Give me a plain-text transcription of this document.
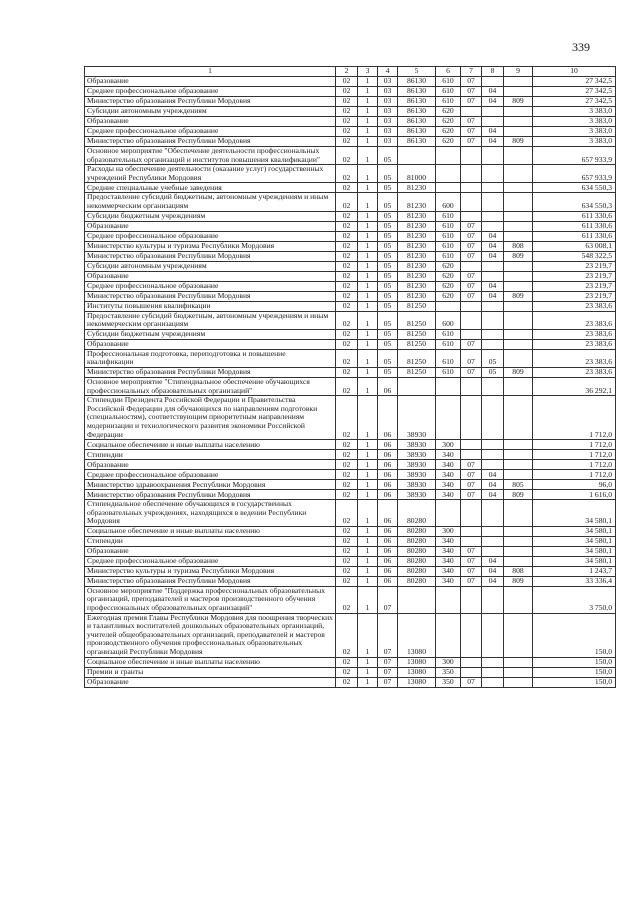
339
1	2	3	4	5	6	7	8	9	10
Образование	02	1	03	86130	610	07			27 342,5
Среднее профессиональное образование	02	1	03	86130	610	07	04		27 342,5
Министерство образования Республики Мордовия	02	1	03	86130	610	07	04	809	27 342,5
Субсидии автономным учреждениям	02	1	03	86130	620				3 383,0
Образование	02	1	03	86130	620	07			3 383,0
Среднее профессиональное образование	02	1	03	86130	620	07	04		3 383,0
Министерство образования Республики Мордовия	02	1	03	86130	620	07	04	809	3 383,0
Основное мероприятие "Обеспечение деятельности профессиональных образовательных организаций и институтов повышения квалификации"	02	1	05						657 933,9
Расходы на обеспечение деятельности (оказание услуг) государственных учреждений Республики Мордовия	02	1	05	81000					657 933,9
Средние специальные учебные заведения	02	1	05	81230					634 550,3
Предоставление субсидий бюджетным, автономным учреждениям и иным некоммерческим организациям	02	1	05	81230	600				634 550,3
Субсидии бюджетным учреждениям	02	1	05	81230	610				611 330,6
Образование	02	1	05	81230	610	07			611 330,6
Среднее профессиональное образование	02	1	05	81230	610	07	04		611 330,6
Министерство культуры и туризма Республики Мордовия	02	1	05	81230	610	07	04	808	63 008,1
Министерство образования Республики Мордовия	02	1	05	81230	610	07	04	809	548 322,5
Субсидии автономным учреждениям	02	1	05	81230	620				23 219,7
Образование	02	1	05	81230	620	07			23 219,7
Среднее профессиональное образование	02	1	05	81230	620	07	04		23 219,7
Министерство образования Республики Мордовия	02	1	05	81230	620	07	04	809	23 219,7
Институты повышения квалификации	02	1	05	81250					23 383,6
Предоставление субсидий бюджетным, автономным учреждениям и иным некоммерческим организациям	02	1	05	81250	600				23 383,6
Субсидии бюджетным учреждениям	02	1	05	81250	610				23 383,6
Образование	02	1	05	81250	610	07			23 383,6
Профессиональная подготовка, переподготовка и повышение квалификации	02	1	05	81250	610	07	05		23 383,6
Министерство образования Республики Мордовия	02	1	05	81250	610	07	05	809	23 383,6
Основное мероприятие "Стипендиальное обеспечение обучающихся профессиональных образовательных организаций"	02	1	06						36 292,1
Стипендии Президента Российской Федерации и Правительства Российской Федерации для обучающихся по направлениям подготовки (специальностям), соответствующим приоритетным направлениям модернизации и технологического развития экономики Российской Федерации	02	1	06	38930					1 712,0
Социальное обеспечение и иные выплаты населению	02	1	06	38930	300				1 712,0
Стипендии	02	1	06	38930	340				1 712,0
Образование	02	1	06	38930	340	07			1 712,0
Среднее профессиональное образование	02	1	06	38930	340	07	04		1 712,0
Министерство здравоохранения Республики Мордовия	02	1	06	38930	340	07	04	805	96,0
Министерство образования Республики Мордовия	02	1	06	38930	340	07	04	809	1 616,0
Стипендиальное обеспечение обучающихся в государственных образовательных учреждениях, находящихся в ведении Республики Мордовия	02	1	06	80280					34 580,1
Социальное обеспечение и иные выплаты населению	02	1	06	80280	300				34 580,1
Стипендии	02	1	06	80280	340				34 580,1
Образование	02	1	06	80280	340	07			34 580,1
Среднее профессиональное образование	02	1	06	80280	340	07	04		34 580,1
Министерство культуры и туризма Республики Мордовия	02	1	06	80280	340	07	04	808	1 243,7
Министерство образования Республики Мордовия	02	1	06	80280	340	07	04	809	33 336,4
Основное мероприятие "Поддержка профессиональных образовательных организаций, преподавателей и мастеров производственного обучения профессиональных образовательных организаций"	02	1	07						3 750,0
Ежегодная премия Главы Республики Мордовия для поощрения творческих и талантливых воспитателей дошкольных образовательных организаций, учителей общеобразовательных организаций, преподавателей и мастеров производственного обучения профессиональных образовательных организаций Республики Мордовия	02	1	07	13080					150,0
Социальное обеспечение и иные выплаты населению	02	1	07	13080	300				150,0
Премии и гранты	02	1	07	13080	350				150,0
Образование	02	1	07	13080	350	07			150,0
